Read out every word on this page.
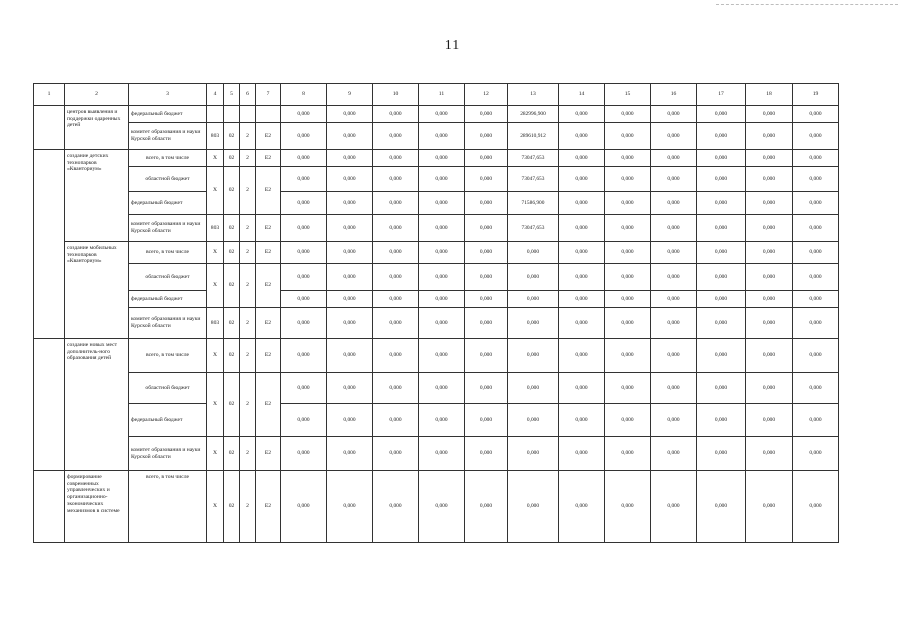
11
1	2	3	4	5	6	7	8	9	10	11	12	13	14	15	16	17	18	19
	центров выявления и поддержки одаренных детей	федеральный бюджет					0,000	0,000	0,000	0,000	0,000	282996,900	0,000	0,000	0,000	0,000	0,000	0,000
		комитет образования и науки Курской области	803	02	2	E2	0,000	0,000	0,000	0,000	0,000	289610,912	0,000	0,000	0,000	0,000	0,000	0,000
	создание детских технопарков «Кванториум»	всего, в том числе	X	02	2	E2	0,000	0,000	0,000	0,000	0,000	73047,653	0,000	0,000	0,000	0,000	0,000	0,000
		областной бюджет	X	02	2	E2	0,000	0,000	0,000	0,000	0,000	73047,653	0,000	0,000	0,000	0,000	0,000	0,000
		федеральный бюджет					0,000	0,000	0,000	0,000	0,000	71586,900	0,000	0,000	0,000	0,000	0,000	0,000
		комитет образования и науки Курской области	803	02	2	E2	0,000	0,000	0,000	0,000	0,000	73047,653	0,000	0,000	0,000	0,000	0,000	0,000
	создание мобильных технопарков «Кванториум»	всего, в том числе	X	02	2	E2	0,000	0,000	0,000	0,000	0,000	0,000	0,000	0,000	0,000	0,000	0,000	0,000
		областной бюджет	X	02	2	E2	0,000	0,000	0,000	0,000	0,000	0,000	0,000	0,000	0,000	0,000	0,000	0,000
		федеральный бюджет					0,000	0,000	0,000	0,000	0,000	0,000	0,000	0,000	0,000	0,000	0,000	0,000
		комитет образования и науки Курской области	803	02	2	E2	0,000	0,000	0,000	0,000	0,000	0,000	0,000	0,000	0,000	0,000	0,000	0,000
	создание новых мест дополнитель-ного образования детей	всего, в том числе	X	02	2	E2	0,000	0,000	0,000	0,000	0,000	0,000	0,000	0,000	0,000	0,000	0,000	0,000
		областной бюджет	X	02	2	E2	0,000	0,000	0,000	0,000	0,000	0,000	0,000	0,000	0,000	0,000	0,000	0,000
		федеральный бюджет					0,000	0,000	0,000	0,000	0,000	0,000	0,000	0,000	0,000	0,000	0,000	0,000
		комитет образования и науки Курской области	X	02	2	E2	0,000	0,000	0,000	0,000	0,000	0,000	0,000	0,000	0,000	0,000	0,000	0,000
	формирование современных управленческих и организационно-экономических механизмов в системе	всего, в том числе	X	02	2	E2	0,000	0,000	0,000	0,000	0,000	0,000	0,000	0,000	0,000	0,000	0,000	0,000
